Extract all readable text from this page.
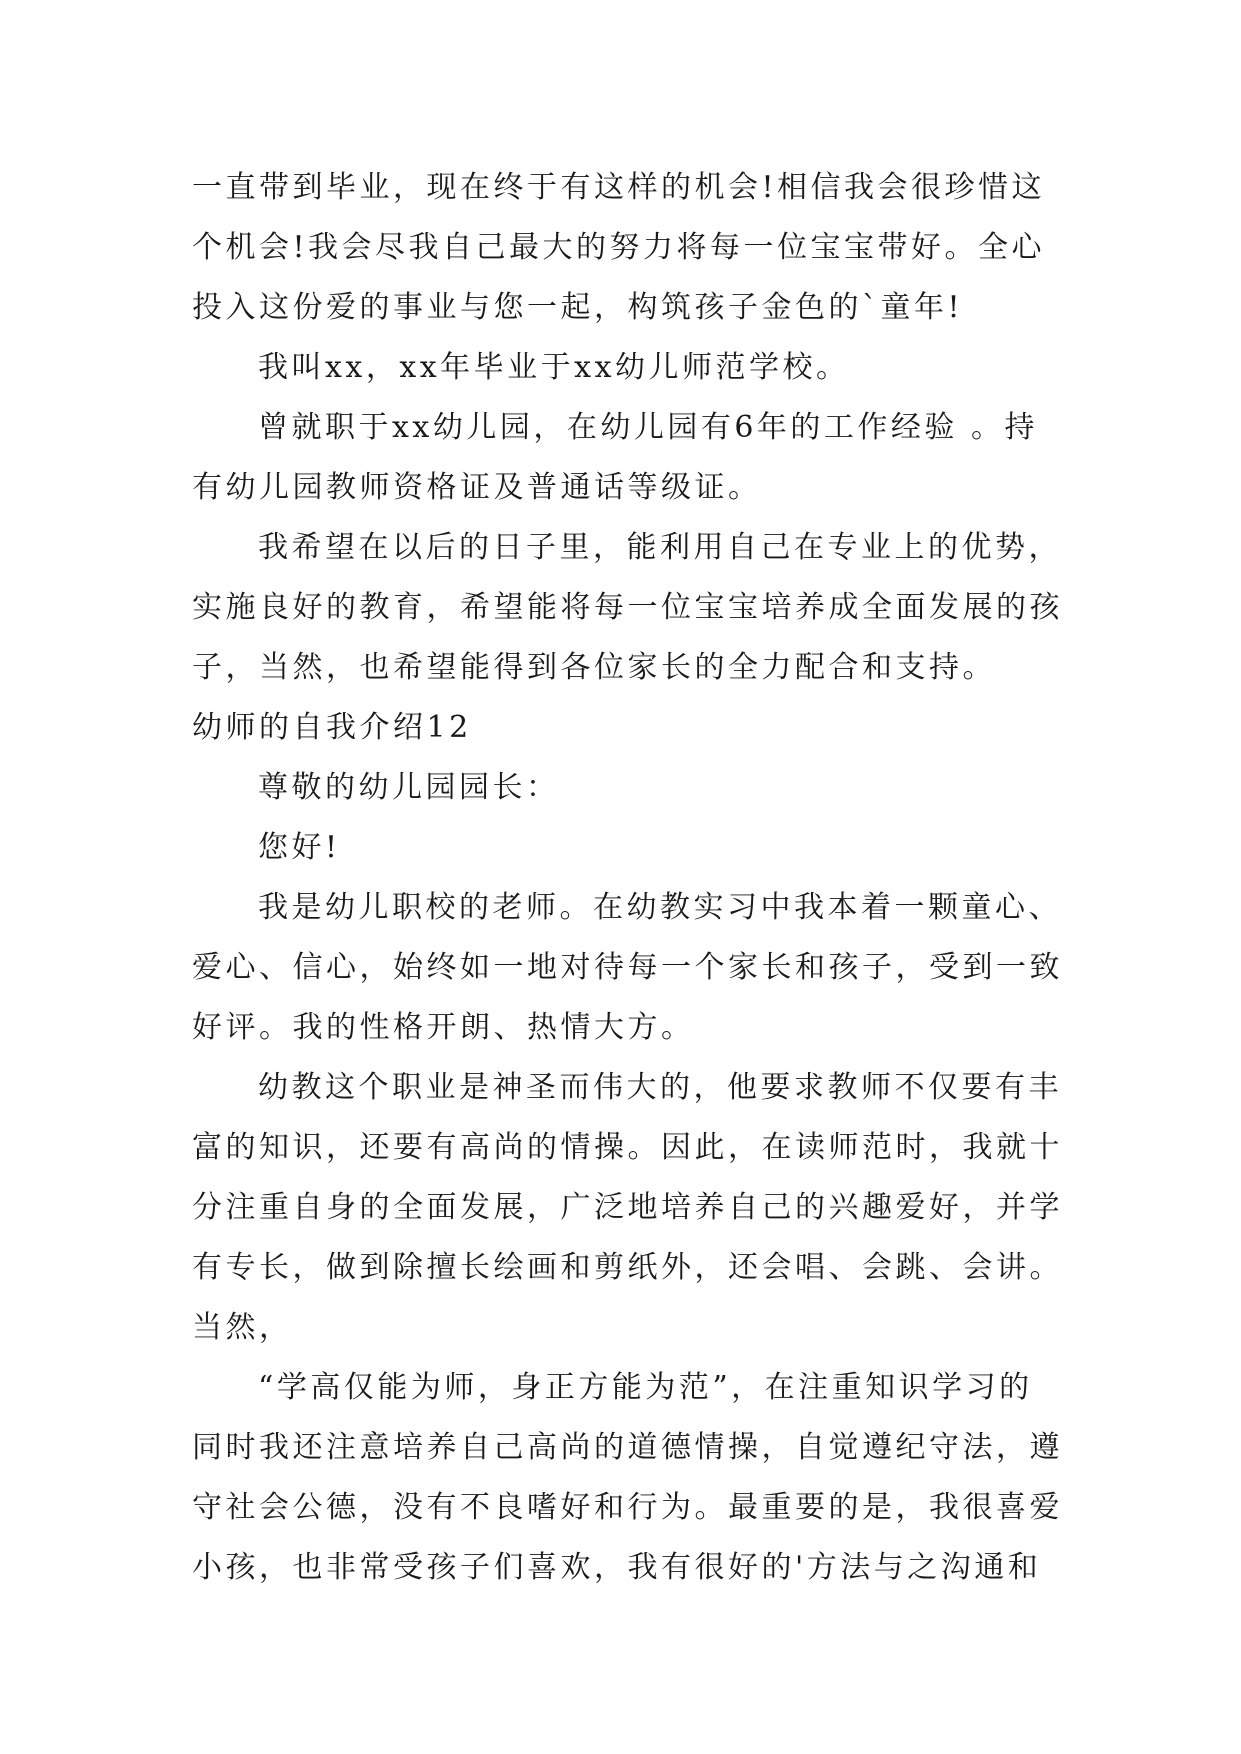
一直带到毕业，现在终于有这样的机会!相信我会很珍惜这
个机会!我会尽我自己最大的努力将每一位宝宝带好。全心
投入这份爱的事业与您一起，构筑孩子金色的`童年!
我叫xx，xx年毕业于xx幼儿师范学校。
曾就职于xx幼儿园，在幼儿园有6年的工作经验 。持
有幼儿园教师资格证及普通话等级证。
我希望在以后的日子里，能利用自己在专业上的优势，
实施良好的教育，希望能将每一位宝宝培养成全面发展的孩
子，当然，也希望能得到各位家长的全力配合和支持。
幼师的自我介绍12
尊敬的幼儿园园长：
您好!
我是幼儿职校的老师。在幼教实习中我本着一颗童心、
爱心、信心，始终如一地对待每一个家长和孩子，受到一致
好评。我的性格开朗、热情大方。
幼教这个职业是神圣而伟大的，他要求教师不仅要有丰
富的知识，还要有高尚的情操。因此，在读师范时，我就十
分注重自身的全面发展，广泛地培养自己的兴趣爱好，并学
有专长，做到除擅长绘画和剪纸外，还会唱、会跳、会讲。
当然，
“学高仅能为师，身正方能为范”，在注重知识学习的
同时我还注意培养自己高尚的道德情操，自觉遵纪守法，遵
守社会公德，没有不良嗜好和行为。最重要的是，我很喜爱
小孩，也非常受孩子们喜欢，我有很好的'方法与之沟通和
